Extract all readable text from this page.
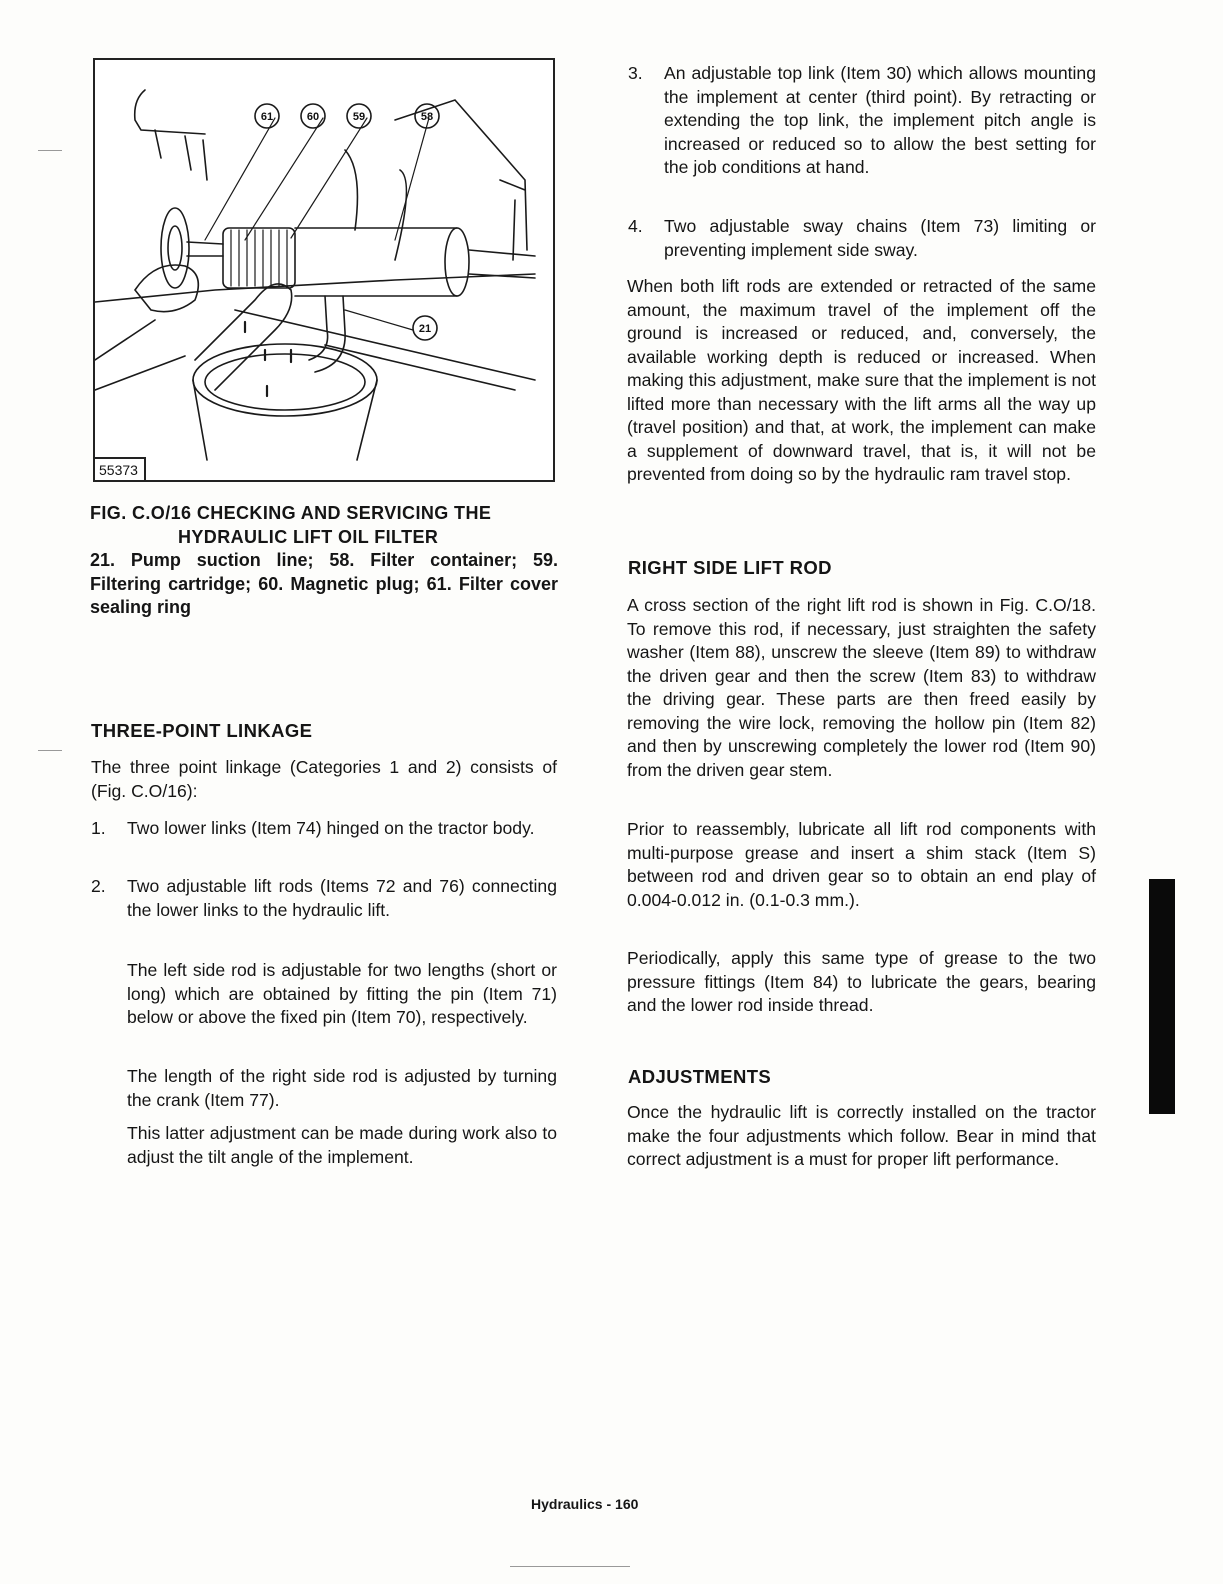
61	60	59	58
21
55373
FIG. C.O/16 CHECKING AND SERVICING THE
HYDRAULIC LIFT OIL FILTER
21. Pump suction line; 58. Filter container; 59. Filtering cartridge; 60. Magnetic plug; 61. Filter cover sealing ring
THREE-POINT LINKAGE
The three point linkage (Categories 1 and 2) consists of (Fig. C.O/16):
1. Two lower links (Item 74) hinged on the tractor body.
2. Two adjustable lift rods (Items 72 and 76) connecting the lower links to the hydraulic lift.
The left side rod is adjustable for two lengths (short or long) which are obtained by fitting the pin (Item 71) below or above the fixed pin (Item 70), respectively.
The length of the right side rod is adjusted by turning the crank (Item 77).
This latter adjustment can be made during work also to adjust the tilt angle of the implement.
3. An adjustable top link (Item 30) which allows mounting the implement at center (third point). By retracting or extending the top link, the implement pitch angle is increased or reduced so to allow the best setting for the job conditions at hand.
4. Two adjustable sway chains (Item 73) limiting or preventing implement side sway.
When both lift rods are extended or retracted of the same amount, the maximum travel of the implement off the ground is increased or reduced, and, conversely, the available working depth is reduced or increased. When making this adjustment, make sure that the implement is not lifted more than necessary with the lift arms all the way up (travel position) and that, at work, the implement can make a supplement of downward travel, that is, it will not be prevented from doing so by the hydraulic ram travel stop.
RIGHT SIDE LIFT ROD
A cross section of the right lift rod is shown in Fig. C.O/18. To remove this rod, if necessary, just straighten the safety washer (Item 88), unscrew the sleeve (Item 89) to withdraw the driven gear and then the screw (Item 83) to withdraw the driving gear. These parts are then freed easily by removing the wire lock, removing the hollow pin (Item 82) and then by unscrewing completely the lower rod (Item 90) from the driven gear stem.
Prior to reassembly, lubricate all lift rod components with multi-purpose grease and insert a shim stack (Item S) between rod and driven gear so to obtain an end play of 0.004-0.012 in. (0.1-0.3 mm.).
Periodically, apply this same type of grease to the two pressure fittings (Item 84) to lubricate the gears, bearing and the lower rod inside thread.
ADJUSTMENTS
Once the hydraulic lift is correctly installed on the tractor make the four adjustments which follow. Bear in mind that correct adjustment is a must for proper lift performance.
Hydraulics - 160
